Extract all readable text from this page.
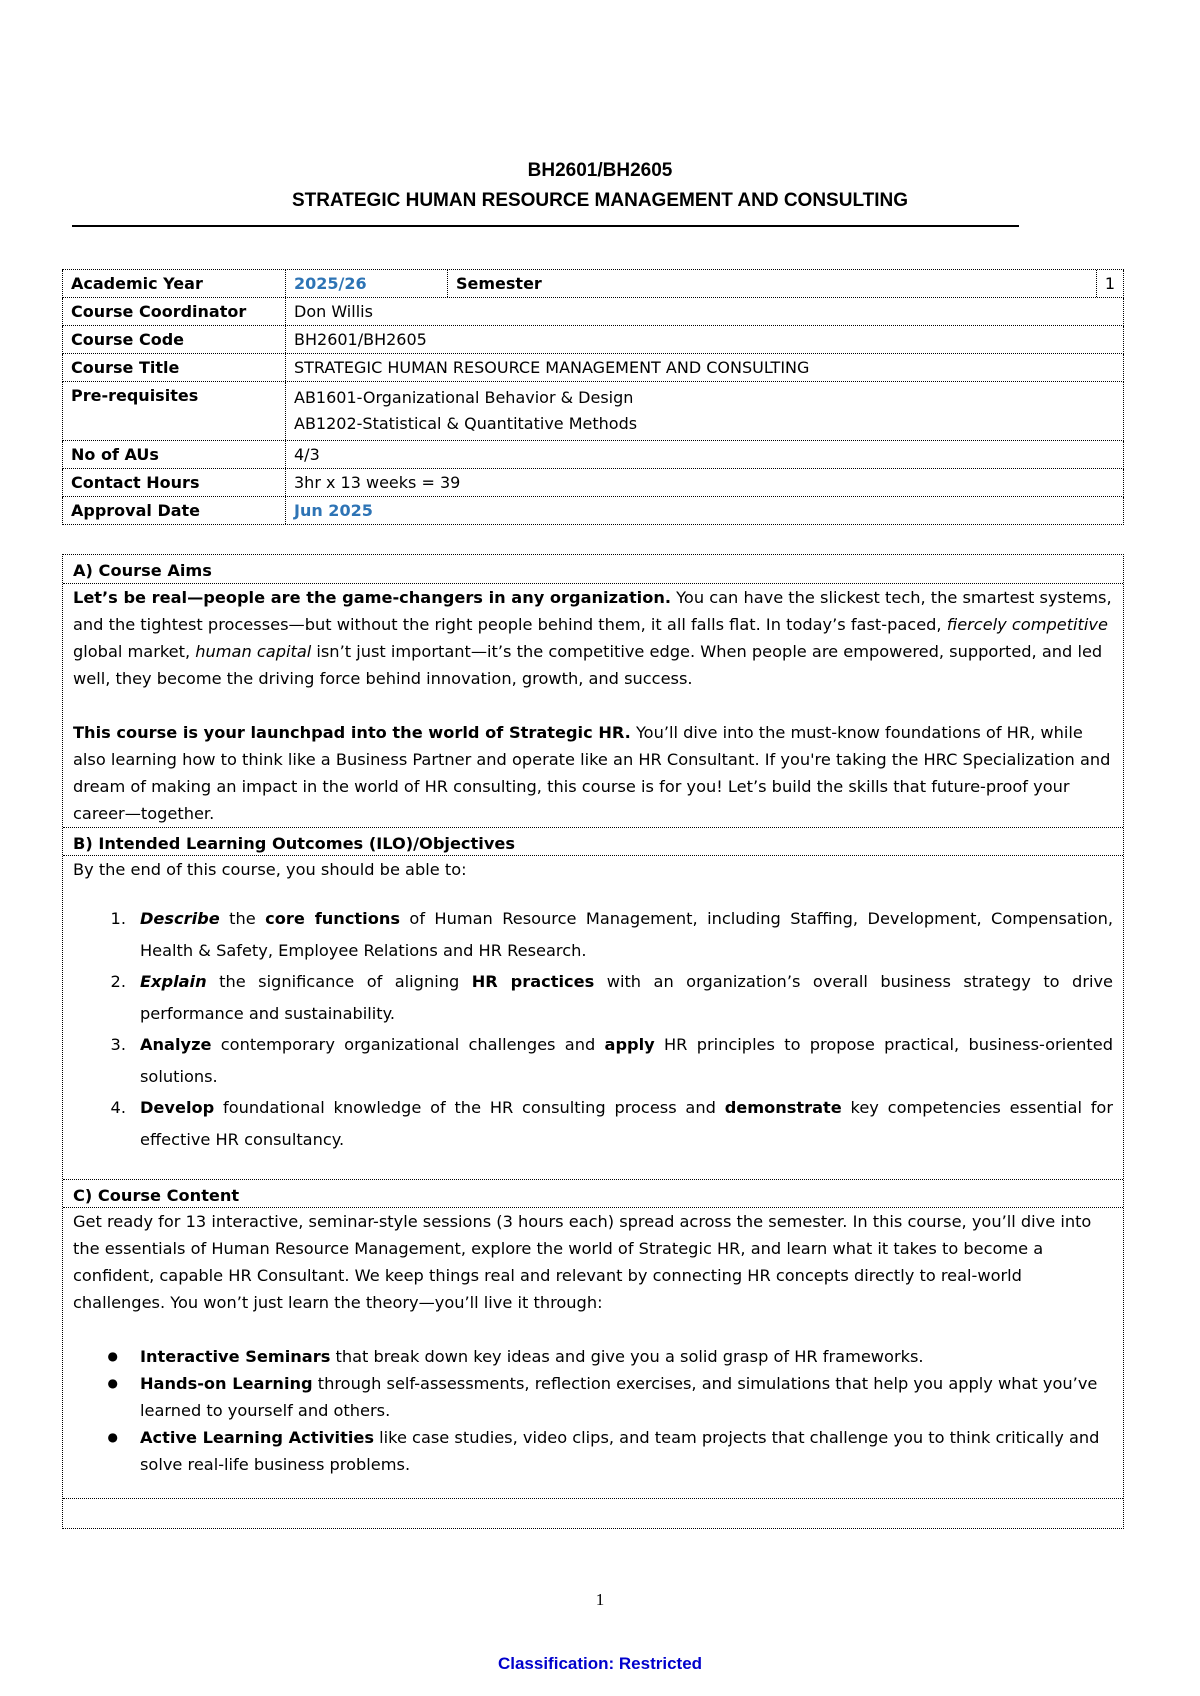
BH2601/BH2605
STRATEGIC HUMAN RESOURCE MANAGEMENT AND CONSULTING
Academic Year	2025/26	Semester	1
Course Coordinator	Don Willis
Course Code	BH2601/BH2605
Course Title	STRATEGIC HUMAN RESOURCE MANAGEMENT AND CONSULTING
Pre-requisites	AB1601-Organizational Behavior & Design
AB1202-Statistical & Quantitative Methods
No of AUs	4/3
Contact Hours	3hr x 13 weeks = 39
Approval Date	Jun 2025
A) Course Aims

Let’s be real—people are the game-changers in any organization. You can have the slickest tech, the smartest systems, and the tightest processes—but without the right people behind them, it all falls flat. In today’s fast-paced, fiercely competitive global market, human capital isn’t just important—it’s the competitive edge. When people are empowered, supported, and led well, they become the driving force behind innovation, growth, and success.

This course is your launchpad into the world of Strategic HR. You’ll dive into the must-know foundations of HR, while also learning how to think like a Business Partner and operate like an HR Consultant. If you're taking the HRC Specialization and dream of making an impact in the world of HR consulting, this course is for you! Let’s build the skills that future-proof your career—together.

B) Intended Learning Outcomes (ILO)/Objectives

By the end of this course, you should be able to:

1. Describe the core functions of Human Resource Management, including Staffing, Development, Compensation, Health & Safety, Employee Relations and HR Research.
2. Explain the significance of aligning HR practices with an organization’s overall business strategy to drive performance and sustainability.
3. Analyze contemporary organizational challenges and apply HR principles to propose practical, business-oriented solutions.
4. Develop foundational knowledge of the HR consulting process and demonstrate key competencies essential for effective HR consultancy.
C) Course Content

Get ready for 13 interactive, seminar-style sessions (3 hours each) spread across the semester. In this course, you’ll dive into the essentials of Human Resource Management, explore the world of Strategic HR, and learn what it takes to become a confident, capable HR Consultant. We keep things real and relevant by connecting HR concepts directly to real-world challenges. You won’t just learn the theory—you’ll live it through:

●	Interactive Seminars that break down key ideas and give you a solid grasp of HR frameworks.
●	Hands-on Learning through self-assessments, reflection exercises, and simulations that help you apply what you’ve learned to yourself and others.
●	Active Learning Activities like case studies, video clips, and team projects that challenge you to think critically and solve real-life business problems.
1
Classification: Restricted
